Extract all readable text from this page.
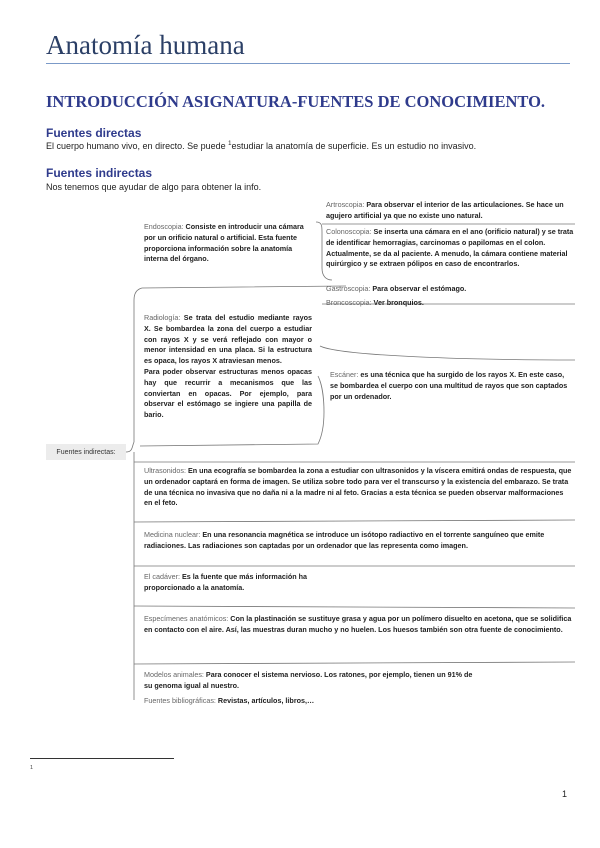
Anatomía humana
INTRODUCCIÓN ASIGNATURA-FUENTES DE CONOCIMIENTO.
Fuentes directas
El cuerpo humano vivo, en directo. Se puede $^1$estudiar la anatomía de superficie. Es un estudio no invasivo.
Fuentes indirectas
Nos tenemos que ayudar de algo para obtener la info.
Fuentes indirectas:
Endoscopia: Consiste en introducir una cámara por un orificio natural o artificial. Esta fuente proporciona información sobre la anatomía interna del órgano.
Artroscopia: Para observar el interior de las articulaciones. Se hace un agujero artificial ya que no existe uno natural.
Colonoscopia: Se inserta una cámara en el ano (orificio natural) y se trata de identificar hemorragias, carcinomas o papilomas en el colon. Actualmente, se da al paciente. A menudo, la cámara contiene material quirúrgico y se extraen pólipos en caso de encontrarlos.
Gastroscopia: Para observar el estómago.
Broncoscopia: Ver bronquios.
Radiología: Se trata del estudio mediante rayos X. Se bombardea la zona del cuerpo a estudiar con rayos X y se verá reflejado con mayor o menor intensidad en una placa. Si la estructura es opaca, los rayos X atraviesan menos.
Para poder observar estructuras menos opacas hay que recurrir a mecanismos que las conviertan en opacas. Por ejemplo, para observar el estómago se ingiere una papilla de bario.
Escáner: es una técnica que ha surgido de los rayos X. En este caso, se bombardea el cuerpo con una multitud de rayos que son captados por un ordenador.
Ultrasonidos: En una ecografía se bombardea la zona a estudiar con ultrasonidos y la víscera emitirá ondas de respuesta, que un ordenador captará en forma de imagen. Se utiliza sobre todo para ver el transcurso y la existencia del embarazo. Se trata de una técnica no invasiva que no daña ni a la madre ni al feto. Gracias a esta técnica se pueden observar malformaciones en el feto.
Medicina nuclear: En una resonancia magnética se introduce un isótopo radiactivo en el torrente sanguíneo que emite radiaciones. Las radiaciones son captadas por un ordenador que las representa como imagen.
El cadáver: Es la fuente que más información ha proporcionado a la anatomía.
Especímenes anatómicos: Con la plastinación se sustituye grasa y agua por un polímero disuelto en acetona, que se solidifica en contacto con el aire. Así, las muestras duran mucho y no huelen. Los huesos también son otra fuente de conocimiento.
Modelos animales: Para conocer el sistema nervioso. Los ratones, por ejemplo, tienen un 91% de su genoma igual al nuestro.
Fuentes bibliográficas: Revistas, artículos, libros,…
1
1
